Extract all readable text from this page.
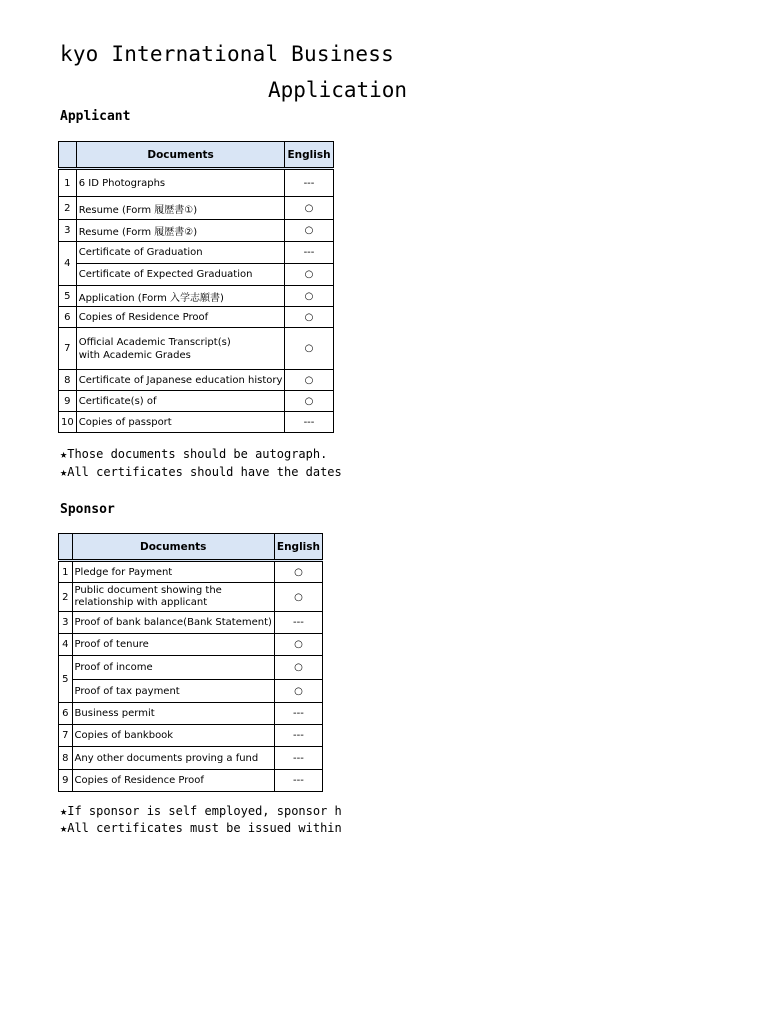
kyo International Business
Application
Applicant
	Documents	English
1	6 ID Photographs	---
2	Resume (Form 履歴書①)	○
3	Resume (Form 履歴書②)	○
4	Certificate of Graduation	---
	Certificate of Expected Graduation	○
5	Application (Form 入学志願書)	○
6	Copies of Residence Proof	○
7	Official Academic Transcript(s)
with Academic Grades	○
8	Certificate of Japanese education history	○
9	Certificate(s) of	○
10	Copies of passport	---
★Those documents should be autograph.
★All certificates should have the dates
Sponsor
	Documents	English
1	Pledge for Payment	○
2	Public document showing the
relationship with applicant	○
3	Proof of bank balance(Bank Statement)	---
4	Proof of tenure	○
5	Proof of income	○
	Proof of tax payment	○
6	Business permit	---
7	Copies of bankbook	---
8	Any other documents proving a fund	---
9	Copies of Residence Proof	---
★If sponsor is self employed, sponsor h
★All certificates must be issued within
